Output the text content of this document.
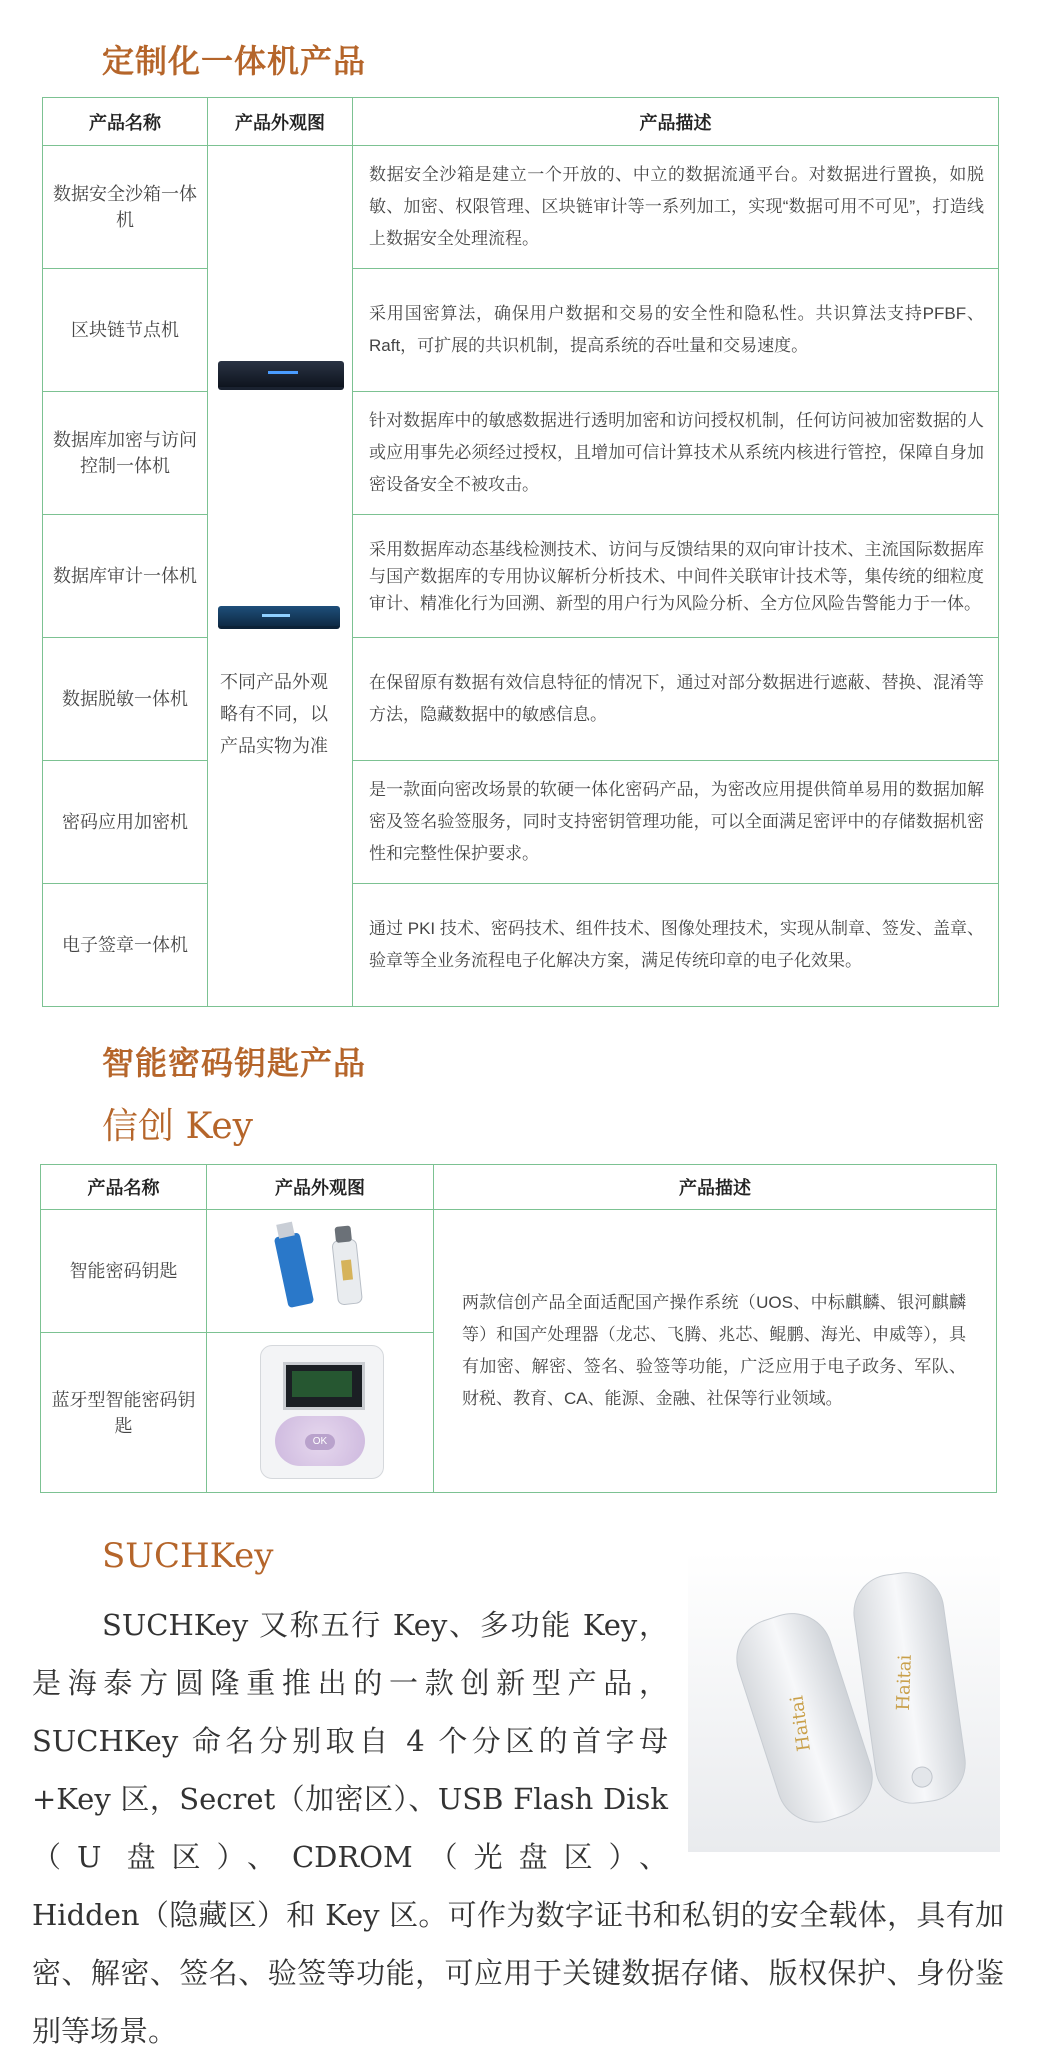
定制化一体机产品
产品名称	产品外观图	产品描述
数据安全沙箱一体机	不同产品外观略有不同，以产品实物为准	数据安全沙箱是建立一个开放的、中立的数据流通平台。对数据进行置换，如脱敏、加密、权限管理、区块链审计等一系列加工，实现“数据可用不可见”，打造线上数据安全处理流程。
区块链节点机		采用国密算法，确保用户数据和交易的安全性和隐私性。共识算法支持PFBF、Raft，可扩展的共识机制，提高系统的吞吐量和交易速度。
数据库加密与访问控制一体机		针对数据库中的敏感数据进行透明加密和访问授权机制，任何访问被加密数据的人或应用事先必须经过授权，且增加可信计算技术从系统内核进行管控，保障自身加密设备安全不被攻击。
数据库审计一体机		采用数据库动态基线检测技术、访问与反馈结果的双向审计技术、主流国际数据库与国产数据库的专用协议解析分析技术、中间件关联审计技术等，集传统的细粒度审计、精准化行为回溯、新型的用户行为风险分析、全方位风险告警能力于一体。
数据脱敏一体机		在保留原有数据有效信息特征的情况下，通过对部分数据进行遮蔽、替换、混淆等方法，隐藏数据中的敏感信息。
密码应用加密机		是一款面向密改场景的软硬一体化密码产品，为密改应用提供简单易用的数据加解密及签名验签服务，同时支持密钥管理功能，可以全面满足密评中的存储数据机密性和完整性保护要求。
电子签章一体机		通过 PKI 技术、密码技术、组件技术、图像处理技术，实现从制章、签发、盖章、验章等全业务流程电子化解决方案，满足传统印章的电子化效果。
智能密码钥匙产品
信创 Key
产品名称	产品外观图	产品描述
智能密码钥匙		两款信创产品全面适配国产操作系统（UOS、中标麒麟、银河麒麟等）和国产处理器（龙芯、飞腾、兆芯、鲲鹏、海光、申威等），具有加密、解密、签名、验签等功能，广泛应用于电子政务、军队、财税、教育、CA、能源、金融、社保等行业领域。
蓝牙型智能密码钥匙	OK	
SUCHKey
Haitai
Haitai

SUCHKey 又称五行 Key、多功能 Key，是海泰方圆隆重推出的一款创新型产品，SUCHKey 命名分别取自 4 个分区的首字母 +Key 区，Secret（加密区）、USB Flash Disk（U 盘区）、CDROM（光盘区）、

Hidden（隐藏区）和 Key 区。可作为数字证书和私钥的安全载体，具有加密、解密、签名、验签等功能，可应用于关键数据存储、版权保护、身份鉴别等场景。
